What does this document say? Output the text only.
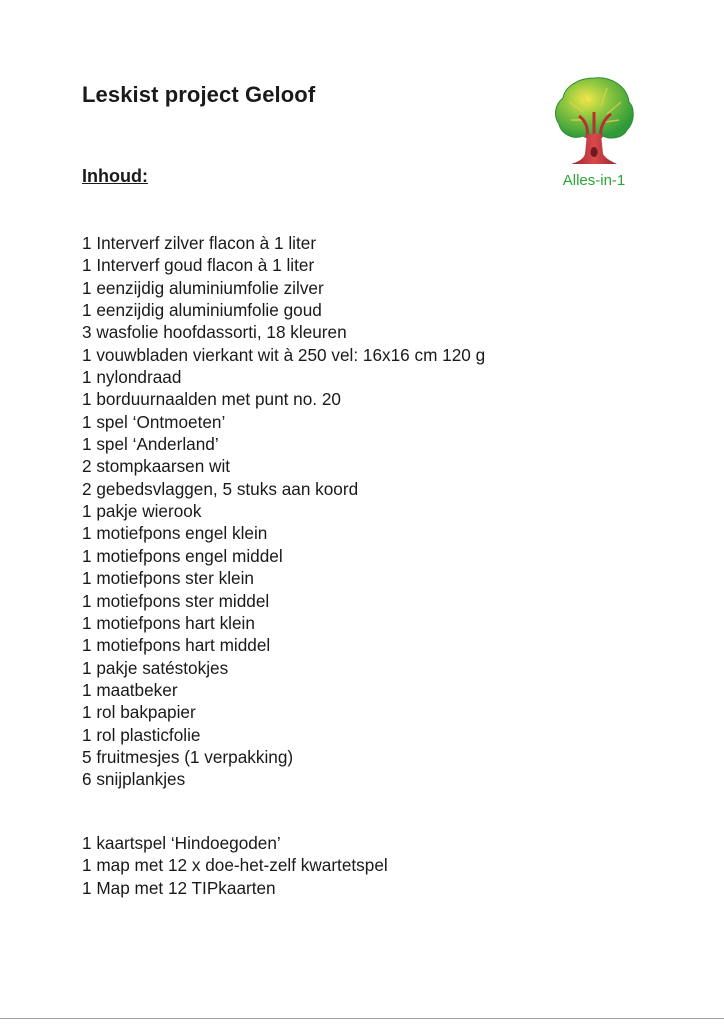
Leskist project Geloof
Inhoud:	Alles-in-1
1 Interverf zilver flacon à 1 liter
1 Interverf goud flacon à 1 liter
1 eenzijdig aluminiumfolie zilver
1 eenzijdig aluminiumfolie goud
3 wasfolie hoofdassorti, 18 kleuren
1 vouwbladen vierkant wit à 250 vel: 16x16 cm 120 g
1 nylondraad
1 borduurnaalden met punt no. 20
1 spel ‘Ontmoeten’
1 spel ‘Anderland’
2 stompkaarsen wit
2 gebedsvlaggen, 5 stuks aan koord
1 pakje wierook
1 motiefpons engel klein
1 motiefpons engel middel
1 motiefpons ster klein
1 motiefpons ster middel
1 motiefpons hart klein
1 motiefpons hart middel
1 pakje satéstokjes
1 maatbeker
1 rol bakpapier
1 rol plasticfolie
5 fruitmesjes (1 verpakking)
6 snijplankjes
1 kaartspel ‘Hindoegoden’
1 map met 12 x doe-het-zelf kwartetspel
1 Map met 12 TIPkaarten
